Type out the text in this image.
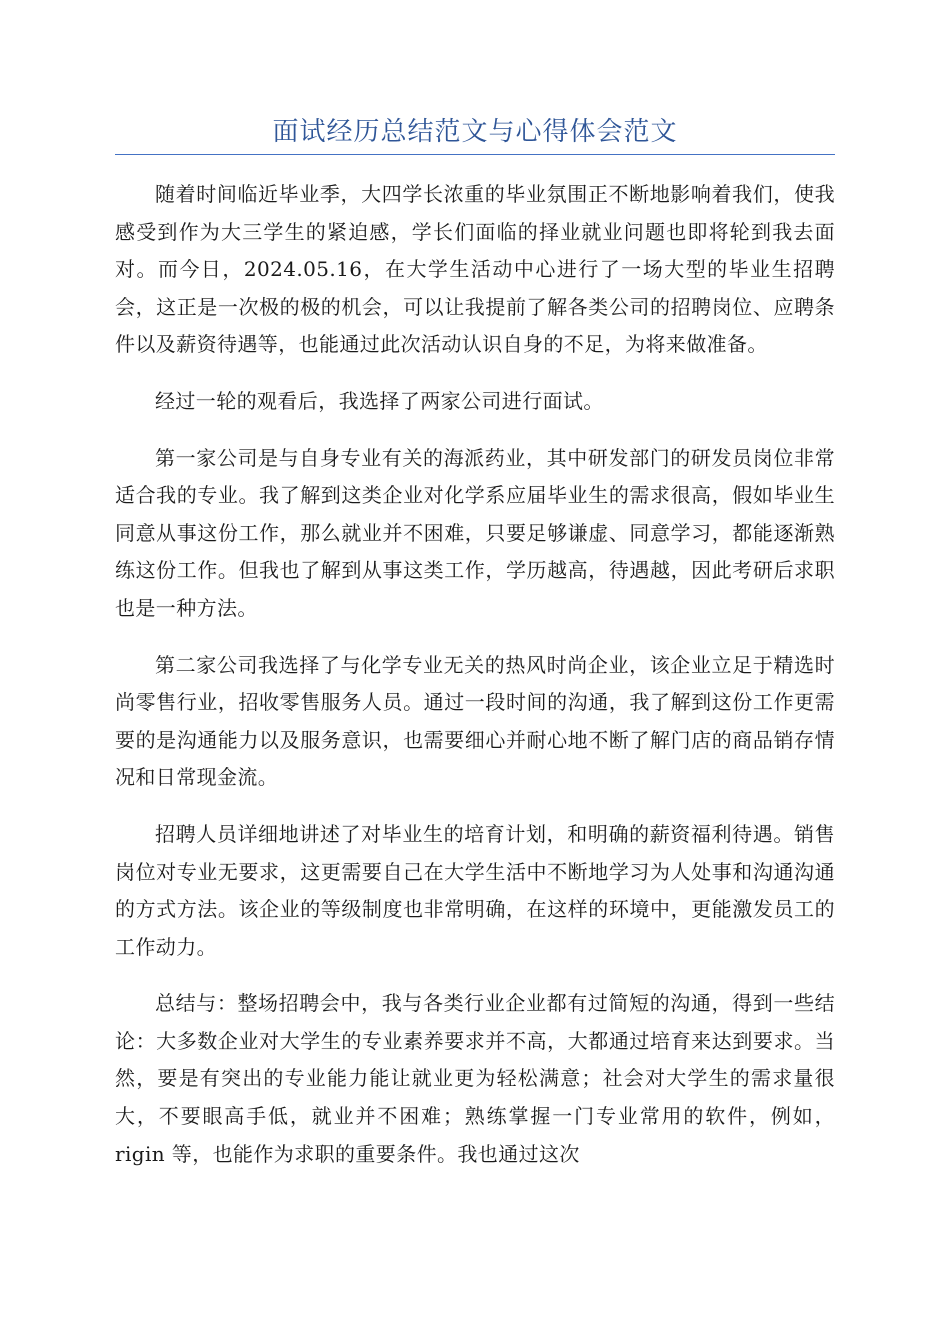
面试经历总结范文与心得体会范文

随着时间临近毕业季，大四学长浓重的毕业氛围正不断地影响着我们，使我感受到作为大三学生的紧迫感，学长们面临的择业就业问题也即将轮到我去面对。而今日，2024.05.16，在大学生活动中心进行了一场大型的毕业生招聘会，这正是一次极的极的机会，可以让我提前了解各类公司的招聘岗位、应聘条件以及薪资待遇等，也能通过此次活动认识自身的不足，为将来做准备。

经过一轮的观看后，我选择了两家公司进行面试。

第一家公司是与自身专业有关的海派药业，其中研发部门的研发员岗位非常适合我的专业。我了解到这类企业对化学系应届毕业生的需求很高，假如毕业生同意从事这份工作，那么就业并不困难，只要足够谦虚、同意学习，都能逐渐熟练这份工作。但我也了解到从事这类工作，学历越高，待遇越，因此考研后求职也是一种方法。

第二家公司我选择了与化学专业无关的热风时尚企业，该企业立足于精选时尚零售行业，招收零售服务人员。通过一段时间的沟通，我了解到这份工作更需要的是沟通能力以及服务意识，也需要细心并耐心地不断了解门店的商品销存情况和日常现金流。

招聘人员详细地讲述了对毕业生的培育计划，和明确的薪资福利待遇。销售岗位对专业无要求，这更需要自己在大学生活中不断地学习为人处事和沟通沟通的方式方法。该企业的等级制度也非常明确，在这样的环境中，更能激发员工的工作动力。

总结与：整场招聘会中，我与各类行业企业都有过简短的沟通，得到一些结论：大多数企业对大学生的专业素养要求并不高，大都通过培育来达到要求。当然，要是有突出的专业能力能让就业更为轻松满意；社会对大学生的需求量很大，不要眼高手低，就业并不困难；熟练掌握一门专业常用的软件，例如，rigin 等，也能作为求职的重要条件。我也通过这次
